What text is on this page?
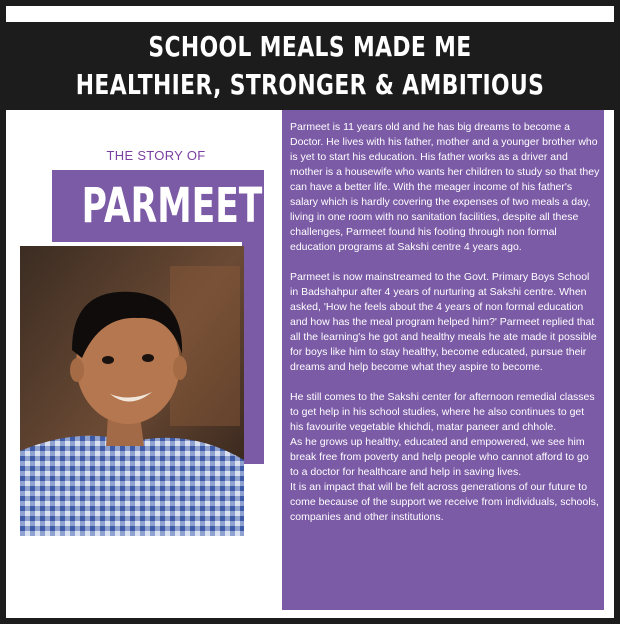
SCHOOL MEALS MADE ME
HEALTHIER, STRONGER & AMBITIOUS
THE STORY OF
PARMEET

Parmeet is 11 years old and he has big dreams to become a Doctor. He lives with his father, mother and a younger brother who is yet to start his education. His father works as a driver and mother is a housewife who wants her children to study so that they can have a better life. With the meager income of his father's salary which is hardly covering the expenses of two meals a day, living in one room with no sanitation facilities, despite all these challenges, Parmeet found his footing through non formal education programs at Sakshi centre 4 years ago.

Parmeet is now mainstreamed to the Govt. Primary Boys School in Badshahpur after 4 years of nurturing at Sakshi centre. When asked, 'How he feels about the 4 years of non formal education and how has the meal program helped him?' Parmeet replied that all the learning's he got and healthy meals he ate made it possible for boys like him to stay healthy, become educated, pursue their dreams and help become what they aspire to become.

He still comes to the Sakshi center for afternoon remedial classes to get help in his school studies, where he also continues to get his favourite vegetable khichdi, matar paneer and chhole.

As he grows up healthy, educated and empowered, we see him break free from poverty and help people who cannot afford to go to a doctor for healthcare and help in saving lives.

It is an impact that will be felt across generations of our future to come because of the support we receive from individuals, schools, companies and other institutions.
